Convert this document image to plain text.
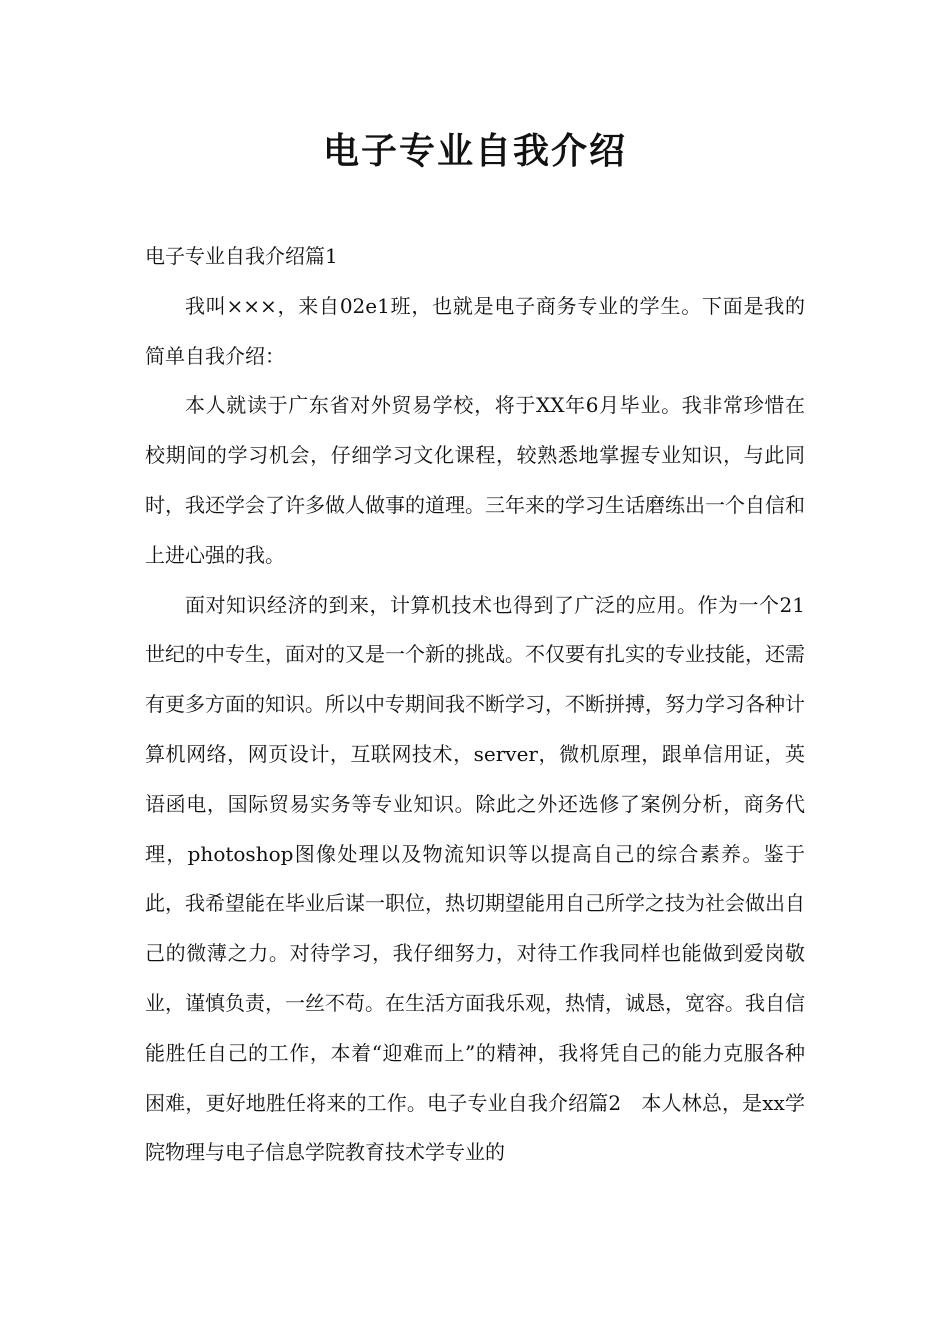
电子专业自我介绍

电子专业自我介绍篇1

我叫×××，来自02e1班，也就是电子商务专业的学生。下面是我的简单自我介绍：

本人就读于广东省对外贸易学校，将于XX年6月毕业。我非常珍惜在校期间的学习机会，仔细学习文化课程，较熟悉地掌握专业知识，与此同时，我还学会了许多做人做事的道理。三年来的学习生话磨练出一个自信和上进心强的我。

面对知识经济的到来，计算机技术也得到了广泛的应用。作为一个21世纪的中专生，面对的又是一个新的挑战。不仅要有扎实的专业技能，还需有更多方面的知识。所以中专期间我不断学习，不断拼搏，努力学习各种计算机网络，网页设计，互联网技术，server，微机原理，跟单信用证，英语函电，国际贸易实务等专业知识。除此之外还选修了案例分析，商务代理，photoshop图像处理以及物流知识等以提高自己的综合素养。鉴于此，我希望能在毕业后谋一职位，热切期望能用自己所学之技为社会做出自己的微薄之力。对待学习，我仔细努力，对待工作我同样也能做到爱岗敬业，谨慎负责，一丝不苟。在生活方面我乐观，热情，诚恳，宽容。我自信能胜任自己的工作，本着“迎难而上”的精神，我将凭自己的能力克服各种困难，更好地胜任将来的工作。电子专业自我介绍篇2　本人林总，是xx学院物理与电子信息学院教育技术学专业的
